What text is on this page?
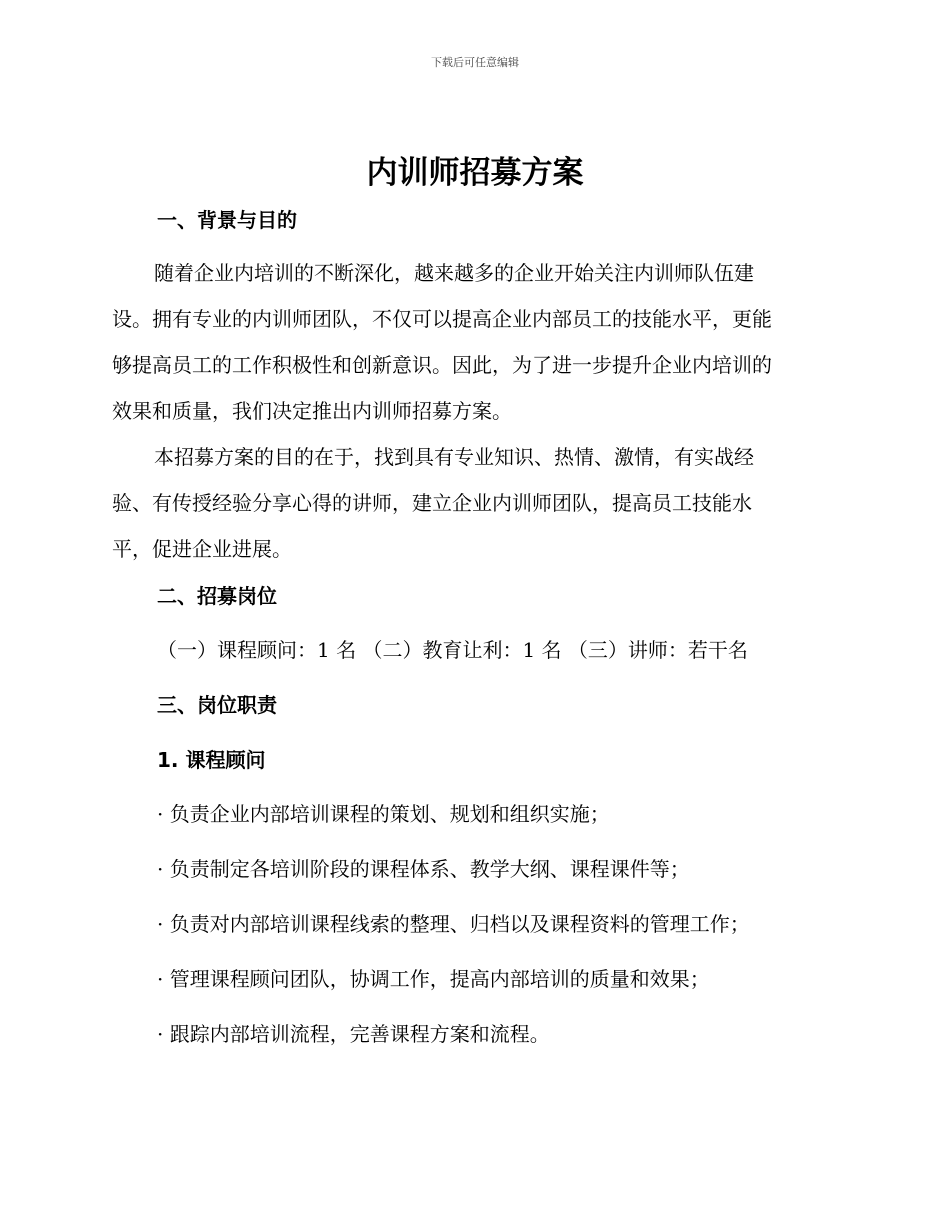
下载后可任意编辑
内训师招募方案
一、背景与目的
随着企业内培训的不断深化，越来越多的企业开始关注内训师队伍建
设。拥有专业的内训师团队，不仅可以提高企业内部员工的技能水平，更能
够提高员工的工作积极性和创新意识。因此，为了进一步提升企业内培训的
效果和质量，我们决定推出内训师招募方案。
本招募方案的目的在于，找到具有专业知识、热情、激情，有实战经
验、有传授经验分享心得的讲师，建立企业内训师团队，提高员工技能水
平，促进企业进展。
二、招募岗位
（一）课程顾问：1 名 （二）教育让利：1 名 （三）讲师：若干名
三、岗位职责
1. 课程顾问
· 负责企业内部培训课程的策划、规划和组织实施；
· 负责制定各培训阶段的课程体系、教学大纲、课程课件等；
· 负责对内部培训课程线索的整理、归档以及课程资料的管理工作；
· 管理课程顾问团队，协调工作，提高内部培训的质量和效果；
· 跟踪内部培训流程，完善课程方案和流程。
